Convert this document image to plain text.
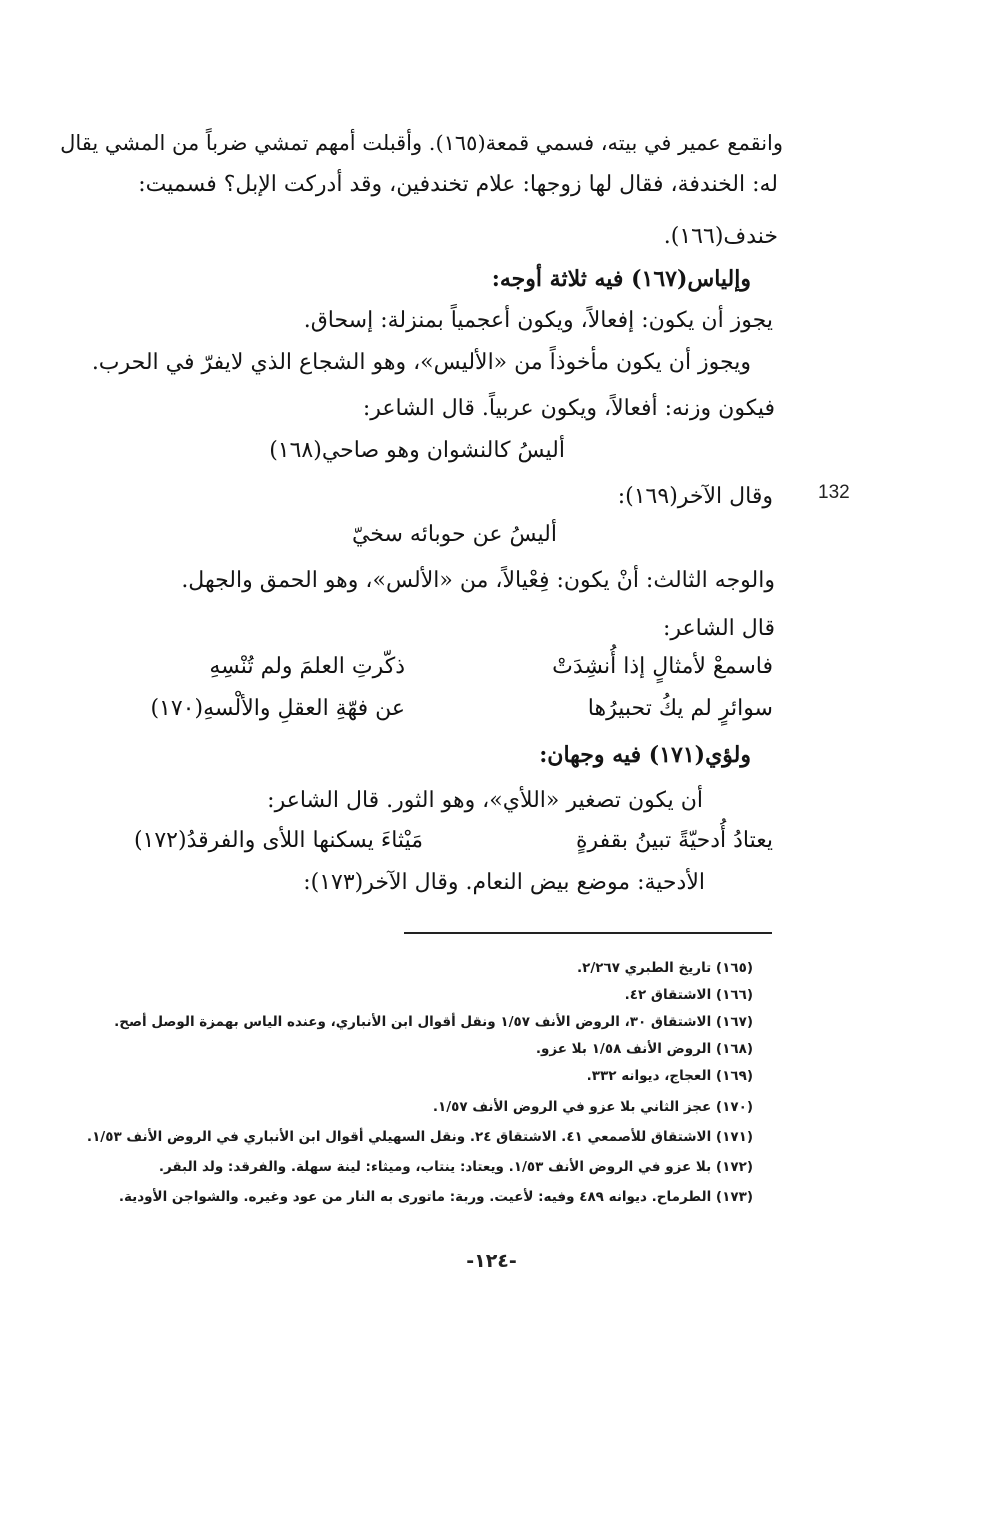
وانقمع عمير في بيته، فسمي قمعة(١٦٥). وأقبلت أمهم تمشي ضرباً من المشي يقال
له: الخندفة، فقال لها زوجها: علام تخندفين، وقد أدركت الإبل؟ فسميت:
خندف(١٦٦).
وإلياس(١٦٧) فيه ثلاثة أوجه:
يجوز أن يكون: إفعالاً، ويكون أعجمياً بمنزلة: إسحاق.
ويجوز أن يكون مأخوذاً من «الأليس»، وهو الشجاع الذي لايفرّ في الحرب.
فيكون وزنه: أفعالاً، ويكون عربياً. قال الشاعر:
أليسُ كالنشوان وهو صاحي(١٦٨)
132
وقال الآخر(١٦٩):
أليسُ عن حوبائه سخيّ
والوجه الثالث: أنْ يكون: فِعْيالاً، من «الألس»، وهو الحمق والجهل.
قال الشاعر:
فاسمعْ لأمثالٍ إذا أُنشِدَتْ
ذكّرتِ العلمَ ولم تُنْسِهِ
سوائرٍ لم يكُ تحبيرُها
عن فهّةِ العقلِ والألْسهِ(١٧٠)
ولؤي(١٧١) فيه وجهان:
أن يكون تصغير «اللأي»، وهو الثور. قال الشاعر:
يعتادُ أُدحيّةً تبينُ بقفرةٍ
مَيْثاءَ يسكنها اللأى والفرقدُ(١٧٢)
الأدحية: موضع بيض النعام. وقال الآخر(١٧٣):
(١٦٥) تاريخ الطبري ٢/٢٦٧.
(١٦٦) الاشتقاق ٤٢.
(١٦٧) الاشتقاق ٣٠، الروض الأنف ١/٥٧ ونقل أقوال ابن الأنباري، وعنده الياس بهمزة الوصل أصح.
(١٦٨) الروض الأنف ١/٥٨ بلا عزو.
(١٦٩) العجاج، ديوانه ٣٣٢.
(١٧٠) عجز الثاني بلا عزو في الروض الأنف ١/٥٧.
(١٧١) الاشتقاق للأصمعي ٤١. الاشتقاق ٢٤. ونقل السهيلي أقوال ابن الأنباري في الروض الأنف ١/٥٣.
(١٧٢) بلا عزو في الروض الأنف ١/٥٣. ويعتاد: ينتاب، وميثاء: لينة سهلة. والفرقد: ولد البقر.
(١٧٣) الطرماح. ديوانه ٤٨٩ وفيه: لأعيت. وربة: ماتورى به النار من عود وغيره. والشواجن الأودية.
-١٢٤-
